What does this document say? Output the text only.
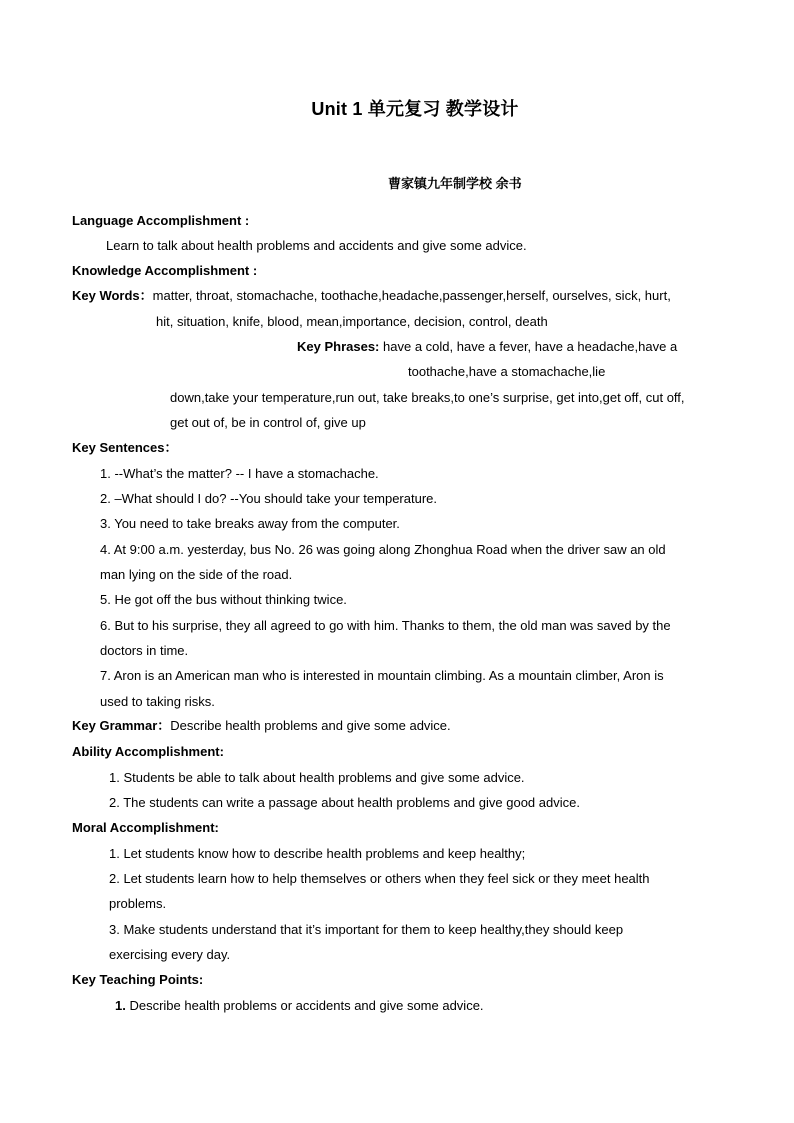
Unit 1 单元复习 教学设计
曹家镇九年制学校 余书
Language Accomplishment :
Learn to talk about health problems and accidents and give some advice.
Knowledge Accomplishment :
Key Words：matter, throat, stomachache, toothache,headache,passenger,herself, ourselves, sick, hurt,
hit, situation, knife, blood, mean,importance, decision, control, death
Key Phrases: have a cold, have a fever, have a headache,have a
toothache,have a stomachache,lie
down,take your temperature,run out, take breaks,to one’s surprise, get into,get off, cut off,
get out of, be in control of, give up
Key Sentences：
1. --What’s the matter? -- I have a stomachache.
2. –What should I do? --You should take your temperature.
3. You need to take breaks away from the computer.
4. At 9:00 a.m. yesterday, bus No. 26 was going along Zhonghua Road when the driver saw an old
man lying on the side of the road.
5. He got off the bus without thinking twice.
6. But to his surprise, they all agreed to go with him. Thanks to them, the old man was saved by the
doctors in time.
7. Aron is an American man who is interested in mountain climbing. As a mountain climber, Aron is
used to taking risks.
Key Grammar：Describe health problems and give some advice.
Ability Accomplishment:
1. Students be able to talk about health problems and give some advice.
2. The students can write a passage about health problems and give good advice.
Moral Accomplishment:
1. Let students know how to describe health problems and keep healthy;
2. Let students learn how to help themselves or others when they feel sick or they meet health
problems.
3. Make students understand that it’s important for them to keep healthy,they should keep
exercising every day.
Key Teaching Points:
1. Describe health problems or accidents and give some advice.
